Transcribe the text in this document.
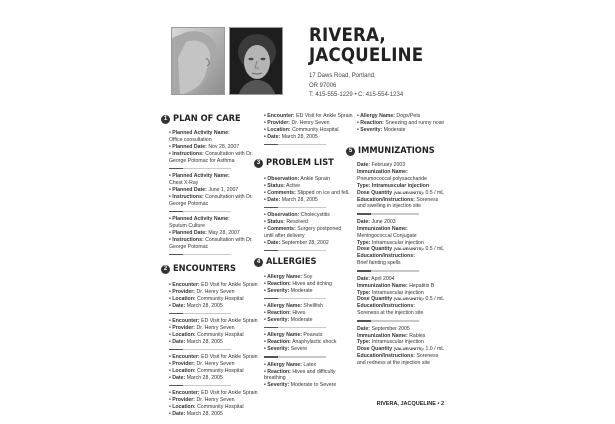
RIVERA,
JACQUELINE
17 Daws Road, Portland,
OR 97006
T: 415-555-1229 • C: 415-554-1234
1 PLAN OF CARE

• Planned Activity Name:

Office consultation

• Planned Date: Nov 28, 2007

• Instructions: Consultation with Dr. George Potomac for Asthma

• Planned Activity Name:

Chest X-Ray

• Planned Date: June 1, 2007

• Instructions: Consultation with Dr. George Potomac

• Planned Activity Name:

Sputum Culture

• Planned Date: May 28, 2007

• Instructions: Consultation with Dr. George Potomac

2 ENCOUNTERS

• Encounter: ED Visit for Ankle Sprain

• Provider: Dr. Henry Seven

• Location: Community Hospital

• Date: March 28, 2005

• Encounter: ED Visit for Ankle Sprain

• Provider: Dr. Henry Seven

• Location: Community Hospital

• Date: March 28, 2005

• Encounter: ED Visit for Ankle Sprain

• Provider: Dr. Henry Seven

• Location: Community Hospital

• Date: March 28, 2005

• Encounter: ED Visit for Ankle Sprain

• Provider: Dr. Henry Seven

• Location: Community Hospital

• Date: March 28, 2005

• Encounter: ED Visit for Ankle Sprain

• Provider: Dr. Henry Seven

• Location: Community Hospital

• Date: March 28, 2005

3 PROBLEM LIST

• Observation: Ankle Sprain

• Status: Active

• Comments: Slipped on ice and fell.

• Date: March 28, 2005

• Observation: Cholecystitis

• Status: Resolved

• Comments: Surgery postponed until after delivery

• Date: September 28, 2002

4 ALLERGIES

• Allergy Name: Soy

• Reaction: Hives and itching

• Severity: Moderate

• Allergy Name: Shellfish

• Reaction: Hives

• Severity: Moderate

• Allergy Name: Peanuts

• Reaction: Anaphylactic shock

• Severity: Severe

• Allergy Name: Latex

• Reaction: Hives and difficulty breathing

• Severity: Moderate to Severe

• Allergy Name: Dogs/Pets

• Reaction: Sneezing and runny nose

• Severity: Moderate

5 IMMUNIZATIONS

Date: February 2003

Immunization Name:

Pneumococcal polysaccharide

Type: Intramuscular injection

Dose Quantity (VALUE/UNITS): 0.5 / mL

Education/Instructions: Soreness and swelling in injection site

Date: June 2003

Immunization Name:

Meningococcal Conjugate

Type: Intramuscular injection

Dose Quantity (VALUE/UNITS): 0.5 / mL

Education/Instructions:

Brief fainting spells

Date: April 2004

Immunization Name: Hepatitis B

Type: Intramuscular injection

Dose Quantity (VALUE/UNITS): 0.5 / mL

Education/Instructions:

Soreness at the injection site

Date: September 2005

Immunization Name: Rabies

Type: Intramuscular injection

Dose Quantity (VALUE/UNITS): 1.0 / mL

Education/Instructions: Soreness and redness at the injection site

RIVERA, JACQUELINE • 2
